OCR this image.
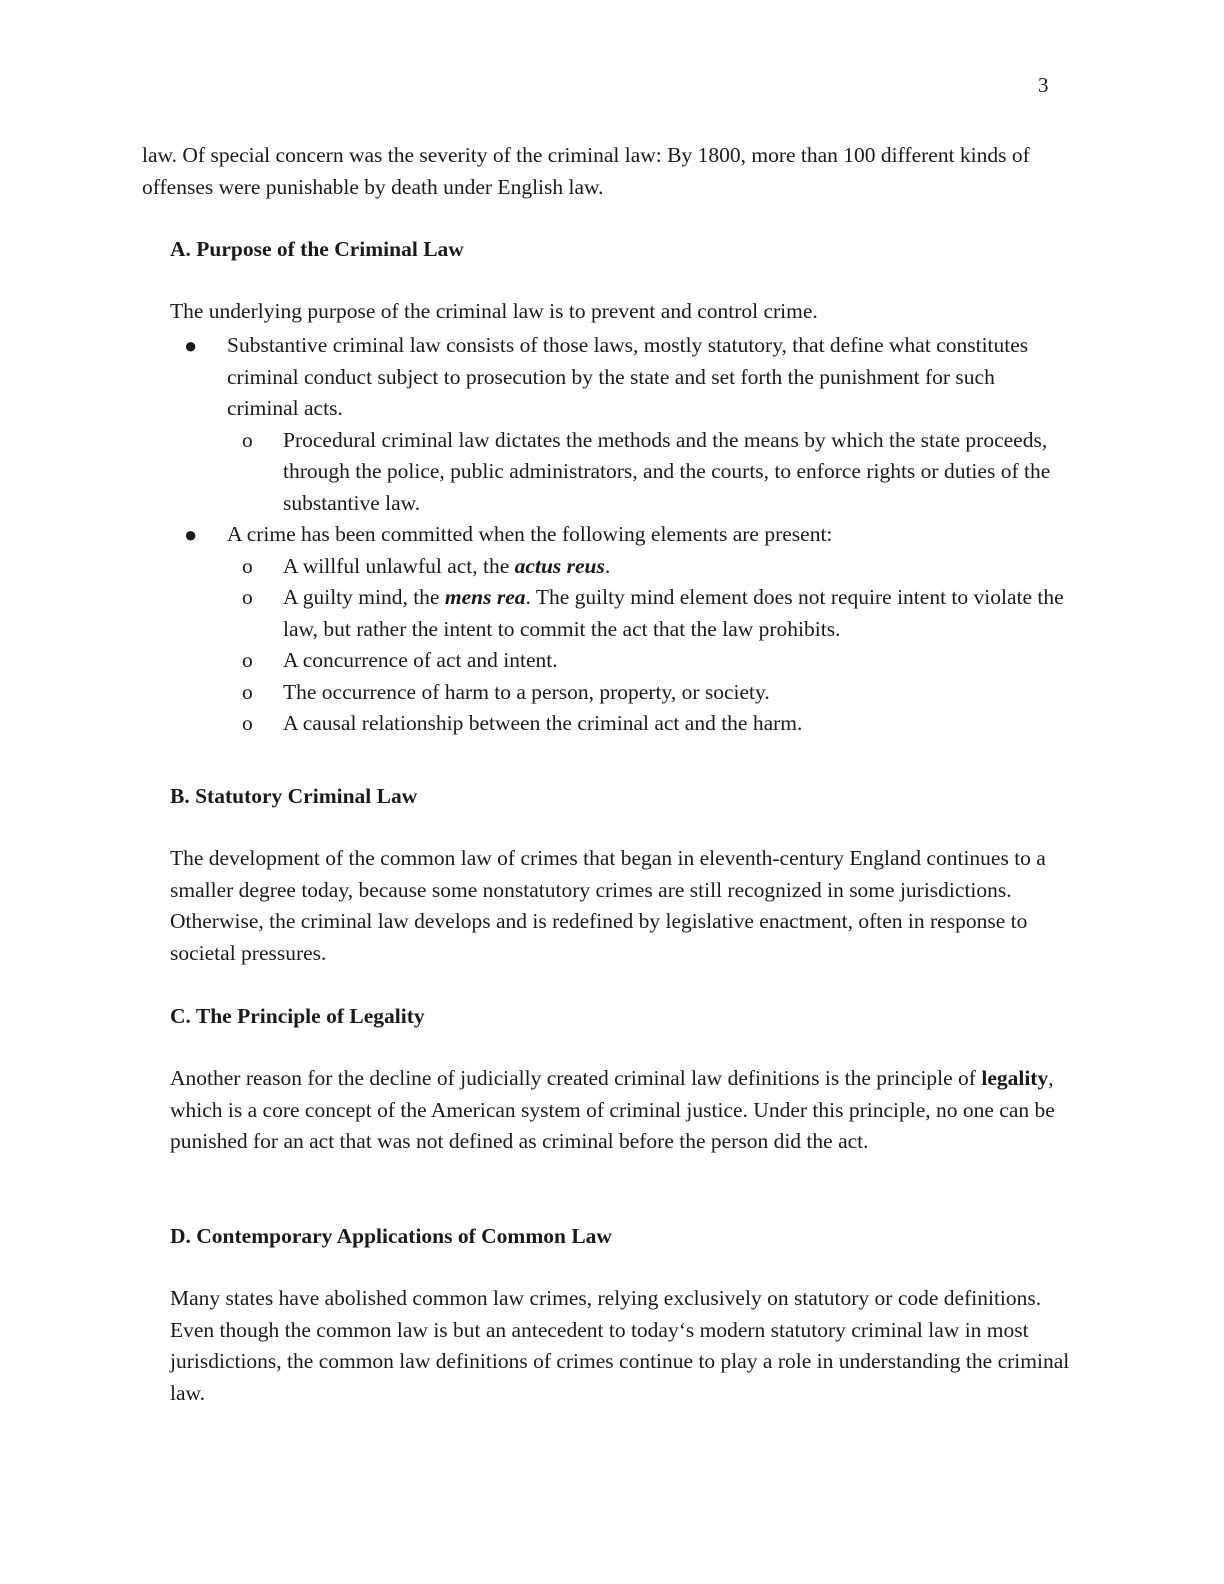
3

law. Of special concern was the severity of the criminal law: By 1800, more than 100 different kinds of offenses were punishable by death under English law.

A. Purpose of the Criminal Law

The underlying purpose of the criminal law is to prevent and control crime.

● Substantive criminal law consists of those laws, mostly statutory, that define what constitutes criminal conduct subject to prosecution by the state and set forth the punishment for such criminal acts.
o Procedural criminal law dictates the methods and the means by which the state proceeds, through the police, public administrators, and the courts, to enforce rights or duties of the substantive law.
● A crime has been committed when the following elements are present:
o A willful unlawful act, the actus reus.
o A guilty mind, the mens rea. The guilty mind element does not require intent to violate the law, but rather the intent to commit the act that the law prohibits.
o A concurrence of act and intent.
o The occurrence of harm to a person, property, or society.
o A causal relationship between the criminal act and the harm.
B. Statutory Criminal Law

The development of the common law of crimes that began in eleventh-century England continues to a smaller degree today, because some nonstatutory crimes are still recognized in some jurisdictions. Otherwise, the criminal law develops and is redefined by legislative enactment, often in response to societal pressures.

C. The Principle of Legality

Another reason for the decline of judicially created criminal law definitions is the principle of legality, which is a core concept of the American system of criminal justice. Under this principle, no one can be punished for an act that was not defined as criminal before the person did the act.

D. Contemporary Applications of Common Law

Many states have abolished common law crimes, relying exclusively on statutory or code definitions. Even though the common law is but an antecedent to today‘s modern statutory criminal law in most jurisdictions, the common law definitions of crimes continue to play a role in understanding the criminal law.
